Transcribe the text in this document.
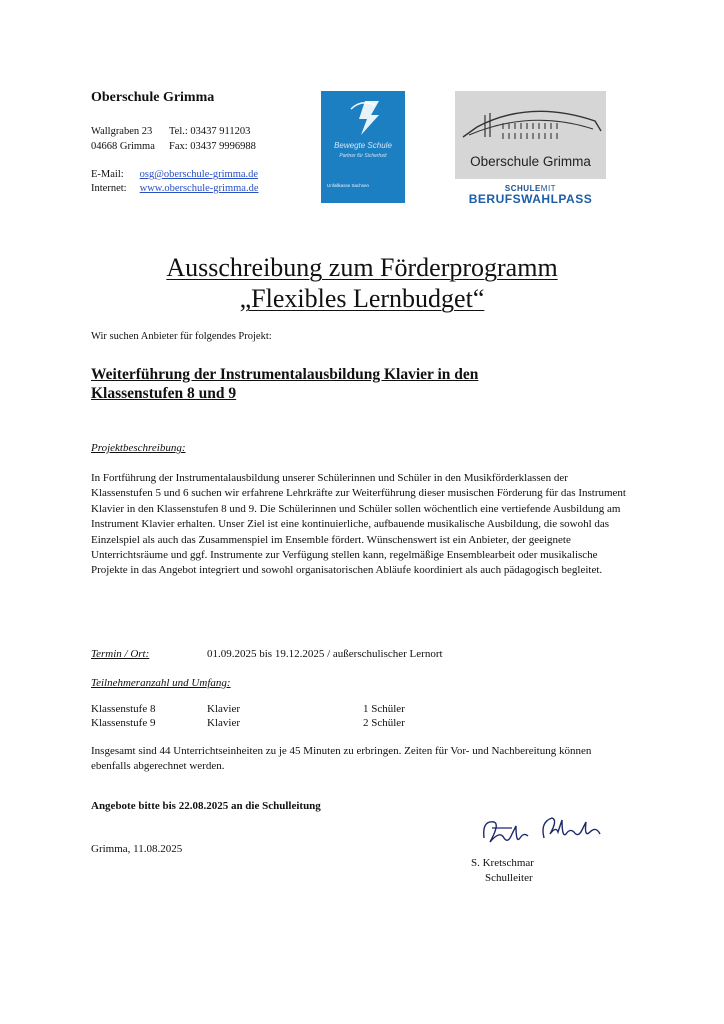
Oberschule Grimma
Wallgraben 23 Tel.: 03437 911203
04668 Grimma Fax: 03437 9996988
E-Mail: osg@oberschule-grimma.de
Internet: www.oberschule-grimma.de
Bewegte Schule
Partner für Sicherheit
Unfallkasse Sachsen
Oberschule Grimma
SCHULEMIT
BERUFSWAHLPASS
Ausschreibung zum Förderprogramm
„Flexibles Lernbudget“
Wir suchen Anbieter für folgendes Projekt:
Weiterführung der Instrumentalausbildung Klavier in den
Klassenstufen 8 und 9
Projektbeschreibung:
In Fortführung der Instrumentalausbildung unserer Schülerinnen und Schüler in den Musikförderklassen der Klassenstufen 5 und 6 suchen wir erfahrene Lehrkräfte zur Weiterführung dieser musischen Förderung für das Instrument Klavier in den Klassenstufen 8 und 9. Die Schülerinnen und Schüler sollen wöchentlich eine vertiefende Ausbildung am Instrument Klavier erhalten. Unser Ziel ist eine kontinuierliche, aufbauende musikalische Ausbildung, die sowohl das Einzelspiel als auch das Zusammenspiel im Ensemble fördert. Wünschenswert ist ein Anbieter, der geeignete Unterrichtsräume und ggf. Instrumente zur Verfügung stellen kann, regelmäßige Ensemblearbeit oder musikalische Projekte in das Angebot integriert und sowohl organisatorischen Abläufe koordiniert als auch pädagogisch begleitet.
Termin / Ort:	01.09.2025 bis 19.12.2025 / außerschulischer Lernort
Teilnehmeranzahl und Umfang:
Klassenstufe 8	Klavier	1 Schüler
Klassenstufe 9	Klavier	2 Schüler
Insgesamt sind 44 Unterrichtseinheiten zu je 45 Minuten zu erbringen. Zeiten für Vor- und Nachbereitung können ebenfalls abgerechnet werden.
Angebote bitte bis 22.08.2025 an die Schulleitung
Grimma, 11.08.2025
S. Kretschmar
Schulleiter
